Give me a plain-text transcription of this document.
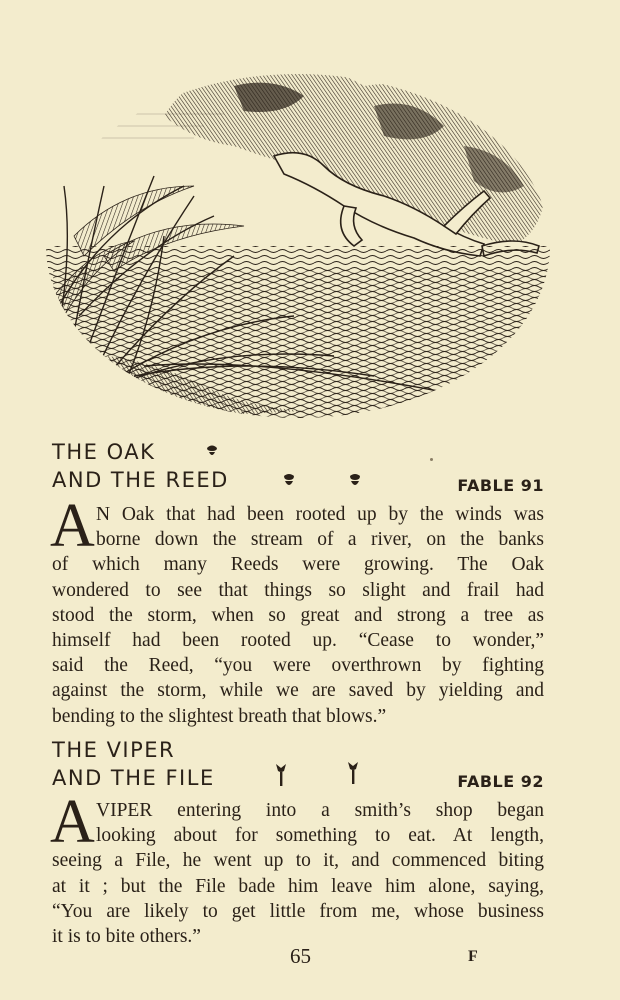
THE OAK
AND THE REED	FABLE 91
A N Oak that had been rooted up by the winds was
borne down the stream of a river, on the banks
of which many Reeds were growing. The Oak
wondered to see that things so slight and frail had
stood the storm, when so great and strong a tree as
himself had been rooted up. “Cease to wonder,”
said the Reed, “you were overthrown by fighting
against the storm, while we are saved by yielding and
bending to the slightest breath that blows.”
THE VIPER
AND THE FILE	FABLE 92
A VIPER entering into a smith’s shop began
looking about for something to eat. At length,
seeing a File, he went up to it, and commenced biting
at it ; but the File bade him leave him alone, saying,
“You are likely to get little from me, whose business
it is to bite others.”
65	F
